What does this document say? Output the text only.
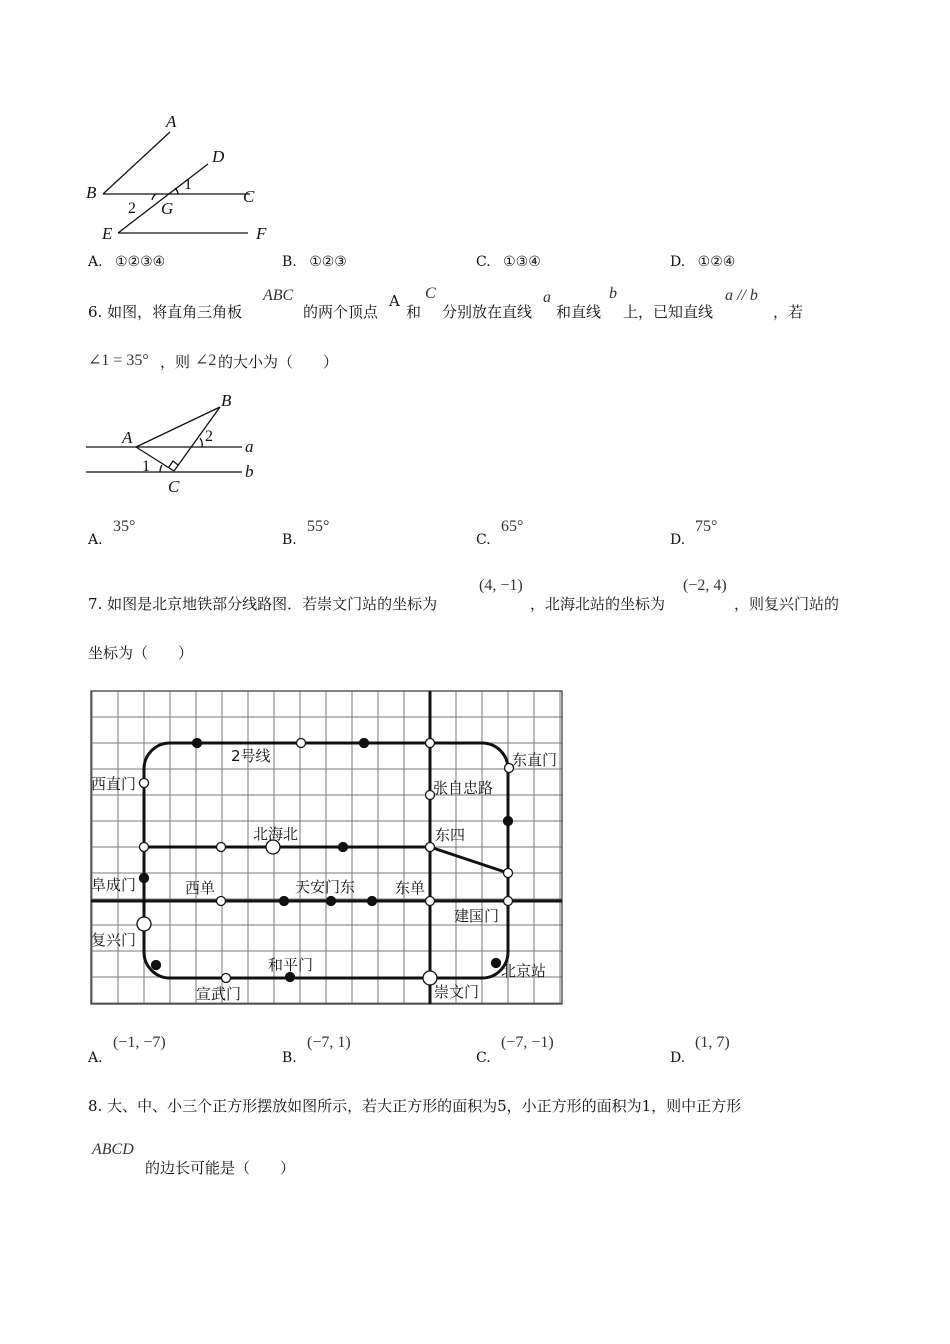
A
D
B	C
G
E	F
1
2
A. ①②③④	B. ①②③	C. ①③④	D. ①②④
6. 如图，将直角三角板
ABC
的两个顶点
A
和
C
分别放在直线
a
和直线
b
上，已知直线
a // b
，若
∠1 = 35° ，则 ∠2 的大小为（　　）
B
A
C
a
b
2
1
A.
35°
B.
55°
C.
65°
D.
75°
7. 如图是北京地铁部分线路图．若崇文门站的坐标为
(4, −1)
，北海北站的坐标为
(−2, 4)
，则复兴门站的
坐标为（　　）
2号线
西直门
东直门
张自忠路
北海北	东四
阜成门	西单	天安门东	东单
建国门
复兴门
和平门	北京站
宣武门	崇文门
A.
(−1, −7)
B.
(−7, 1)
C.
(−7, −1)
D.
(1, 7)
8. 大、中、小三个正方形摆放如图所示，若大正方形的面积为5，小正方形的面积为1，则中正方形
ABCD
的边长可能是（　　）
